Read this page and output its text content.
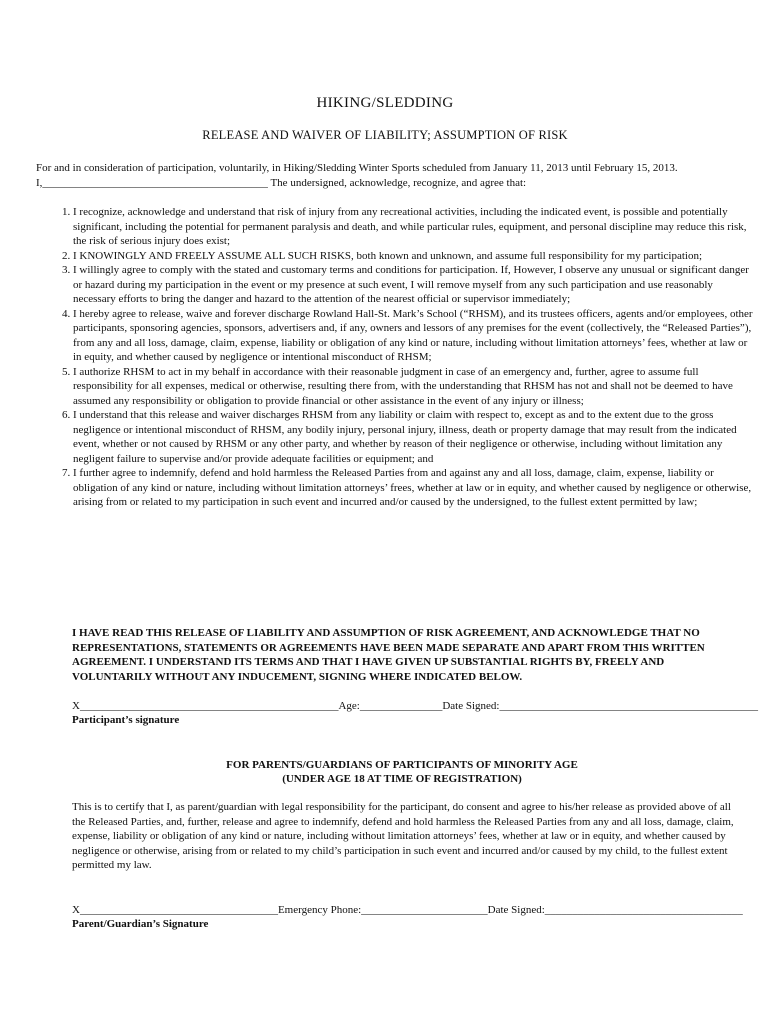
HIKING/SLEDDING
RELEASE AND WAIVER OF LIABILITY; ASSUMPTION OF RISK
For and in consideration of participation, voluntarily, in Hiking/Sledding Winter Sports scheduled from January 11, 2013 until February 15, 2013. I,_________________________________________ The undersigned, acknowledge, recognize, and agree that:
1. I recognize, acknowledge and understand that risk of injury from any recreational activities, including the indicated event, is possible and potentially significant, including the potential for permanent paralysis and death, and while particular rules, equipment, and personal discipline may reduce this risk, the risk of serious injury does exist;
2. I KNOWINGLY AND FREELY ASSUME ALL SUCH RISKS, both known and unknown, and assume full responsibility for my participation;
3. I willingly agree to comply with the stated and customary terms and conditions for participation. If, However, I observe any unusual or significant danger or hazard during my participation in the event or my presence at such event, I will remove myself from any such participation and use reasonably necessary efforts to bring the danger and hazard to the attention of the nearest official or supervisor immediately;
4. I hereby agree to release, waive and forever discharge Rowland Hall-St. Mark’s School (“RHSM), and its trustees officers, agents and/or employees, other participants, sponsoring agencies, sponsors, advertisers and, if any, owners and lessors of any premises for the event (collectively, the “Released Parties”), from any and all loss, damage, claim, expense, liability or obligation of any kind or nature, including without limitation attorneys’ fees, whether at law or in equity, and whether caused by negligence or intentional misconduct of RHSM;
5. I authorize RHSM to act in my behalf in accordance with their reasonable judgment in case of an emergency and, further, agree to assume full responsibility for all expenses, medical or otherwise, resulting there from, with the understanding that RHSM has not and shall not be deemed to have assumed any responsibility or obligation to provide financial or other assistance in the event of any injury or illness;
6. I understand that this release and waiver discharges RHSM from any liability or claim with respect to, except as and to the extent due to the gross negligence or intentional misconduct of RHSM, any bodily injury, personal injury, illness, death or property damage that may result from the indicated event, whether or not caused by RHSM or any other party, and whether by reason of their negligence or otherwise, including without limitation any negligent failure to supervise and/or provide adequate facilities or equipment; and
7. I further agree to indemnify, defend and hold harmless the Released Parties from and against any and all loss, damage, claim, expense, liability or obligation of any kind or nature, including without limitation attorneys’ frees, whether at law or in equity, and whether caused by negligence or otherwise, arising from or related to my participation in such event and incurred and/or caused by the undersigned, to the fullest extent permitted by law;
I HAVE READ THIS RELEASE OF LIABILITY AND ASSUMPTION OF RISK AGREEMENT, AND ACKNOWLEDGE THAT NO REPRESENTATIONS, STATEMENTS OR AGREEMENTS HAVE BEEN MADE SEPARATE AND APART FROM THIS WRITTEN AGREEMENT. I UNDERSTAND ITS TERMS AND THAT I HAVE GIVEN UP SUBSTANTIAL RIGHTS BY, FREELY AND VOLUNTARILY WITHOUT ANY INDUCEMENT, SIGNING WHERE INDICATED BELOW.
X_______________________________________________Age:_______________Date Signed:_______________________________________________
Participant’s signature
FOR PARENTS/GUARDIANS OF PARTICIPANTS OF MINORITY AGE
(UNDER AGE 18 AT TIME OF REGISTRATION)
This is to certify that I, as parent/guardian with legal responsibility for the participant, do consent and agree to his/her release as provided above of all the Released Parties, and, further, release and agree to indemnify, defend and hold harmless the Released Parties from any and all loss, damage, claim, expense, liability or obligation of any kind or nature, including without limitation attorneys’ fees, whether at law or in equity, and whether caused by negligence or otherwise, arising from or related to my child’s participation in such event and incurred and/or caused by my child, to the fullest extent permitted my law.
X____________________________________Emergency Phone:_______________________Date Signed:____________________________________
Parent/Guardian’s Signature
